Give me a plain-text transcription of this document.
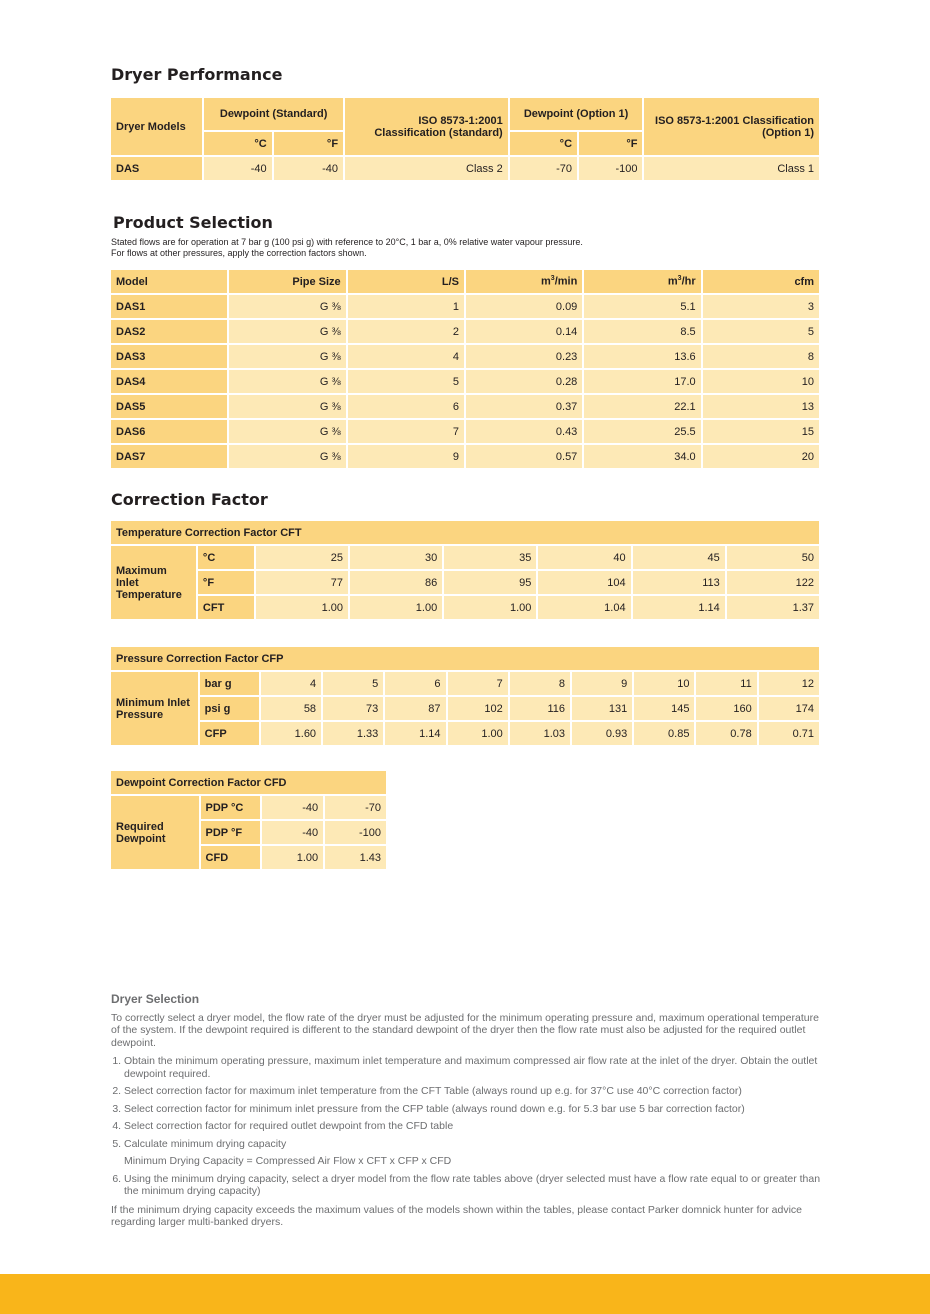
Dryer Performance
Dryer Models	Dewpoint (Standard)		ISO 8573-1:2001 Classification (standard)	Dewpoint (Option 1)		ISO 8573-1:2001 Classification (Option 1)
	°C	°F		°C	°F	
DAS	-40	-40	Class 2	-70	-100	Class 1
Product Selection
Stated flows are for operation at 7 bar g (100 psi g) with reference to 20°C, 1 bar a, 0% relative water vapour pressure.
For flows at other pressures, apply the correction factors shown.
Model	Pipe Size	L/S	$m^3/\min$	$m^3/hr$	cfm
DAS1	G ⅜	1	0.09	5.1	3
DAS2	G ⅜	2	0.14	8.5	5
DAS3	G ⅜	4	0.23	13.6	8
DAS4	G ⅜	5	0.28	17.0	10
DAS5	G ⅜	6	0.37	22.1	13
DAS6	G ⅜	7	0.43	25.5	15
DAS7	G ⅜	9	0.57	34.0	20
Correction Factor
Temperature Correction Factor CFT							
Maximum Inlet Temperature	°C	25	30	35	40	45	50
	°F	77	86	95	104	113	122
	CFT	1.00	1.00	1.00	1.04	1.14	1.37
Pressure Correction Factor CFP										
Minimum Inlet Pressure	bar g	4	5	6	7	8	9	10	11	12
	psi g	58	73	87	102	116	131	145	160	174
	CFP	1.60	1.33	1.14	1.00	1.03	0.93	0.85	0.78	0.71
Dewpoint Correction Factor CFD			
Required Dewpoint	PDP °C	-40	-70
	PDP °F	-40	-100
	CFD	1.00	1.43
Dryer Selection

To correctly select a dryer model, the flow rate of the dryer must be adjusted for the minimum operating pressure and, maximum operational temperature of the system. If the dewpoint required is different to the standard dewpoint of the dryer then the flow rate must also be adjusted for the required outlet dewpoint.

1. Obtain the minimum operating pressure, maximum inlet temperature and maximum compressed air flow rate at the inlet of the dryer. Obtain the outlet dewpoint required.
2. Select correction factor for maximum inlet temperature from the CFT Table (always round up e.g. for 37°C use 40°C correction factor)
3. Select correction factor for minimum inlet pressure from the CFP table (always round down e.g. for 5.3 bar use 5 bar correction factor)
4. Select correction factor for required outlet dewpoint from the CFD table
5. Calculate minimum drying capacity
Minimum Drying Capacity = Compressed Air Flow x CFT x CFP x CFD
6. Using the minimum drying capacity, select a dryer model from the flow rate tables above (dryer selected must have a flow rate equal to or greater than the minimum drying capacity)

If the minimum drying capacity exceeds the maximum values of the models shown within the tables, please contact Parker domnick hunter for advice regarding larger multi-banked dryers.
